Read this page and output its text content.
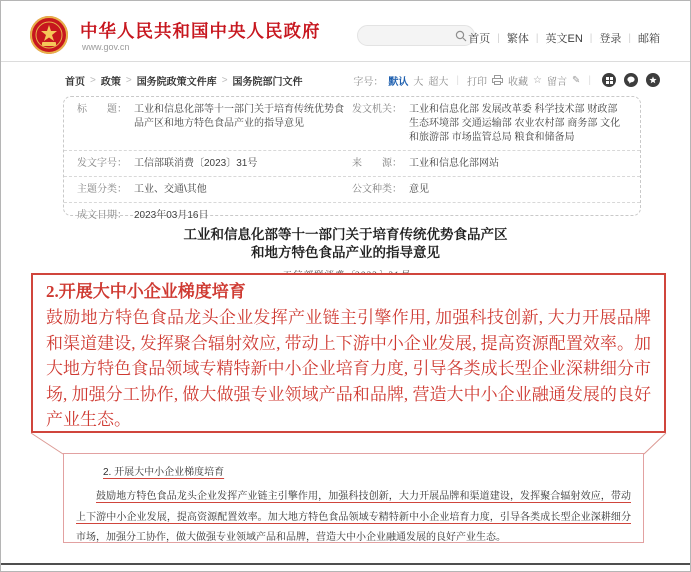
中华人民共和国中央人民政府
www.gov.cn
首页 | 繁体 | 英文EN | 登录 | 邮箱
首页 > 政策 > 国务院政策文件库 > 国务院部门文件	字号： 默认 大 超大 | 打印 收藏 ☆ 留言 ✎ |
标　　题： 工业和信息化部等十一部门关于培育传统优势食品产区和地方特色食品产业的指导意见
发文机关： 工业和信息化部 发展改革委 科学技术部 财政部 生态环境部 交通运输部 农业农村部 商务部 文化和旅游部 市场监管总局 粮食和储备局
发文字号： 工信部联消费〔2023〕31号	来　　源： 工业和信息化部网站
主题分类： 工业、交通\其他	公文种类： 意见
成文日期： 2023年03月16日
工业和信息化部等十一部门关于培育传统优势食品产区
和地方特色食品产业的指导意见
2.开展大中小企业梯度培育
鼓励地方特色食品龙头企业发挥产业链主引擎作用, 加强科技创新, 大力开展品牌和渠道建设, 发挥聚合辐射效应, 带动上下游中小企业发展, 提高资源配置效率。加大地方特色食品领域专精特新中小企业培育力度, 引导各类成长型企业深耕细分市场, 加强分工协作, 做大做强专业领域产品和品牌, 营造大中小企业融通发展的良好产业生态。
2. 开展大中小企业梯度培育
鼓励地方特色食品龙头企业发挥产业链主引擎作用，加强科技创新，大力开展品牌和渠道建设，发挥聚合辐射效应，带动上下游中小企业发展，提高资源配置效率。加大地方特色食品领域专精特新中小企业培育力度，引导各类成长型企业深耕细分市场，加强分工协作，做大做强专业领域产品和品牌，营造大中小企业融通发展的良好产业生态。
